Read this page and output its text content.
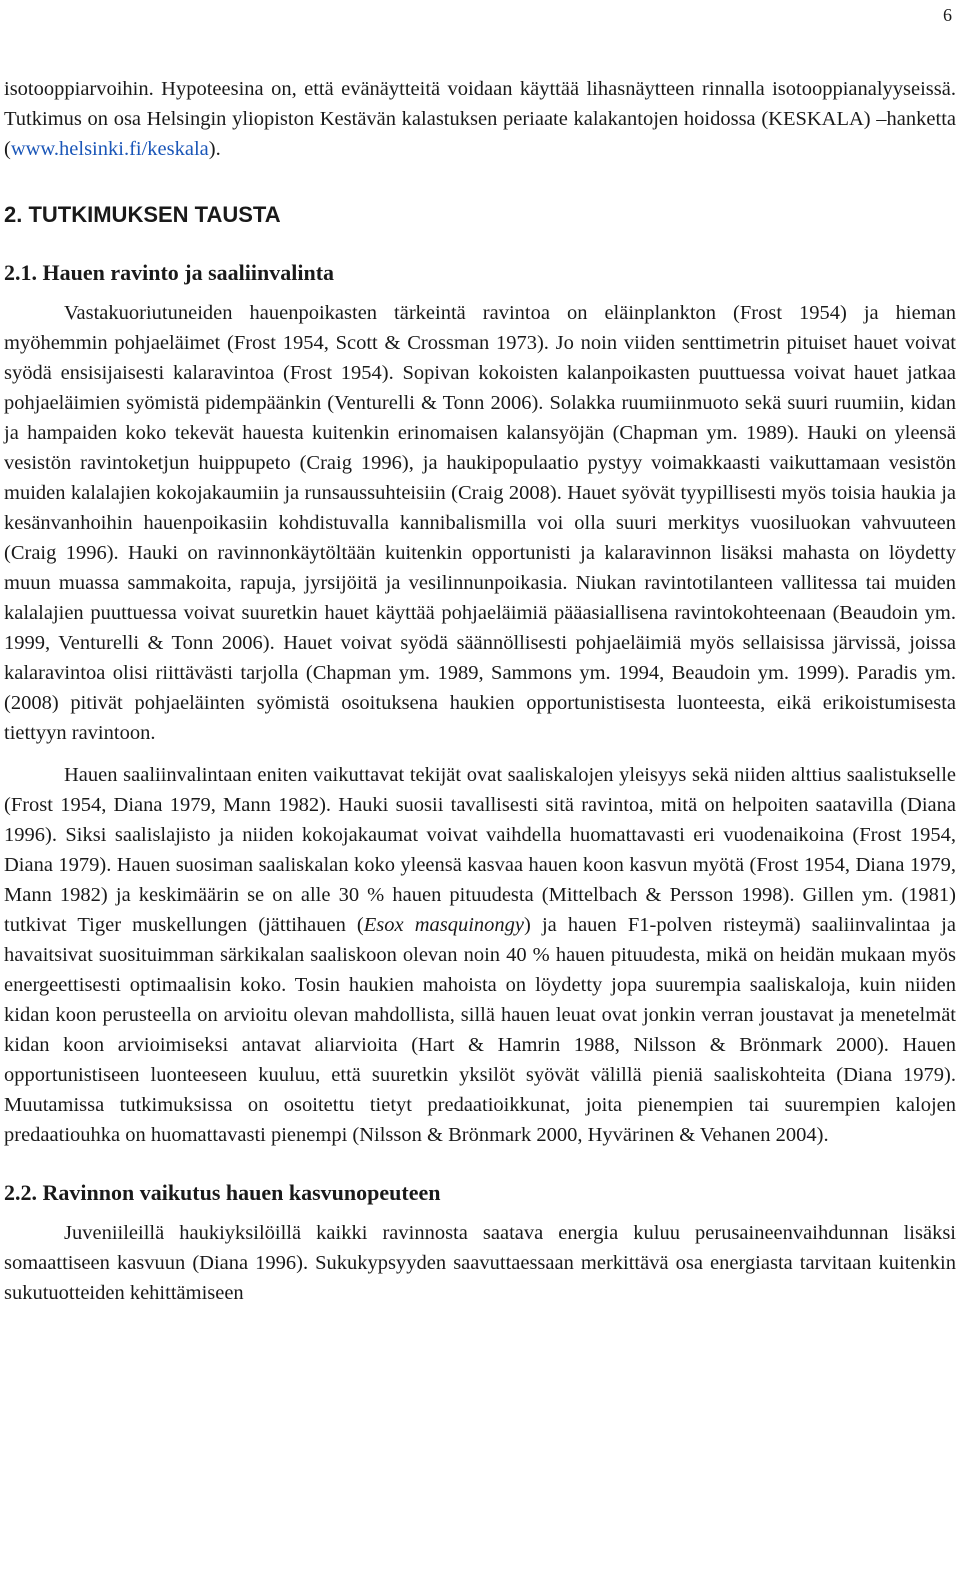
6

isotooppiarvoihin. Hypoteesina on, että evänäytteitä voidaan käyttää lihasnäytteen rinnalla isotooppianalyyseissä. Tutkimus on osa Helsingin yliopiston Kestävän kalastuksen periaate kalakantojen hoidossa (KESKALA) –hanketta (www.helsinki.fi/keskala).

2. TUTKIMUKSEN TAUSTA
2.1. Hauen ravinto ja saaliinvalinta

Vastakuoriutuneiden hauenpoikasten tärkeintä ravintoa on eläinplankton (Frost 1954) ja hieman myöhemmin pohjaeläimet (Frost 1954, Scott & Crossman 1973). Jo noin viiden senttimetrin pituiset hauet voivat syödä ensisijaisesti kalaravintoa (Frost 1954). Sopivan kokoisten kalanpoikasten puuttuessa voivat hauet jatkaa pohjaeläimien syömistä pidempäänkin (Venturelli & Tonn 2006). Solakka ruumiinmuoto sekä suuri ruumiin, kidan ja hampaiden koko tekevät hauesta kuitenkin erinomaisen kalansyöjän (Chapman ym. 1989). Hauki on yleensä vesistön ravintoketjun huippupeto (Craig 1996), ja haukipopulaatio pystyy voimakkaasti vaikuttamaan vesistön muiden kalalajien kokojakaumiin ja runsaussuhteisiin (Craig 2008). Hauet syövät tyypillisesti myös toisia haukia ja kesänvanhoihin hauenpoikasiin kohdistuvalla kannibalismilla voi olla suuri merkitys vuosiluokan vahvuuteen (Craig 1996). Hauki on ravinnonkäytöltään kuitenkin opportunisti ja kalaravinnon lisäksi mahasta on löydetty muun muassa sammakoita, rapuja, jyrsijöitä ja vesilinnunpoikasia. Niukan ravintotilanteen vallitessa tai muiden kalalajien puuttuessa voivat suuretkin hauet käyttää pohjaeläimiä pääasiallisena ravintokohteenaan (Beaudoin ym. 1999, Venturelli & Tonn 2006). Hauet voivat syödä säännöllisesti pohjaeläimiä myös sellaisissa järvissä, joissa kalaravintoa olisi riittävästi tarjolla (Chapman ym. 1989, Sammons ym. 1994, Beaudoin ym. 1999). Paradis ym. (2008) pitivät pohjaeläinten syömistä osoituksena haukien opportunistisesta luonteesta, eikä erikoistumisesta tiettyyn ravintoon.

Hauen saaliinvalintaan eniten vaikuttavat tekijät ovat saaliskalojen yleisyys sekä niiden alttius saalistukselle (Frost 1954, Diana 1979, Mann 1982). Hauki suosii tavallisesti sitä ravintoa, mitä on helpoiten saatavilla (Diana 1996). Siksi saalislajisto ja niiden kokojakaumat voivat vaihdella huomattavasti eri vuodenaikoina (Frost 1954, Diana 1979). Hauen suosiman saaliskalan koko yleensä kasvaa hauen koon kasvun myötä (Frost 1954, Diana 1979, Mann 1982) ja keskimäärin se on alle 30 % hauen pituudesta (Mittelbach & Persson 1998). Gillen ym. (1981) tutkivat Tiger muskellungen (jättihauen (Esox masquinongy) ja hauen F1-polven risteymä) saaliinvalintaa ja havaitsivat suosituimman särkikalan saaliskoon olevan noin 40 % hauen pituudesta, mikä on heidän mukaan myös energeettisesti optimaalisin koko. Tosin haukien mahoista on löydetty jopa suurempia saaliskaloja, kuin niiden kidan koon perusteella on arvioitu olevan mahdollista, sillä hauen leuat ovat jonkin verran joustavat ja menetelmät kidan koon arvioimiseksi antavat aliarvioita (Hart & Hamrin 1988, Nilsson & Brönmark 2000). Hauen opportunistiseen luonteeseen kuuluu, että suuretkin yksilöt syövät välillä pieniä saaliskohteita (Diana 1979). Muutamissa tutkimuksissa on osoitettu tietyt predaatioikkunat, joita pienempien tai suurempien kalojen predaatiouhka on huomattavasti pienempi (Nilsson & Brönmark 2000, Hyvärinen & Vehanen 2004).

2.2. Ravinnon vaikutus hauen kasvunopeuteen

Juveniileillä haukiyksilöillä kaikki ravinnosta saatava energia kuluu perusaineenvaihdunnan lisäksi somaattiseen kasvuun (Diana 1996). Sukukypsyyden saavuttaessaan merkittävä osa energiasta tarvitaan kuitenkin sukutuotteiden kehittämiseen
